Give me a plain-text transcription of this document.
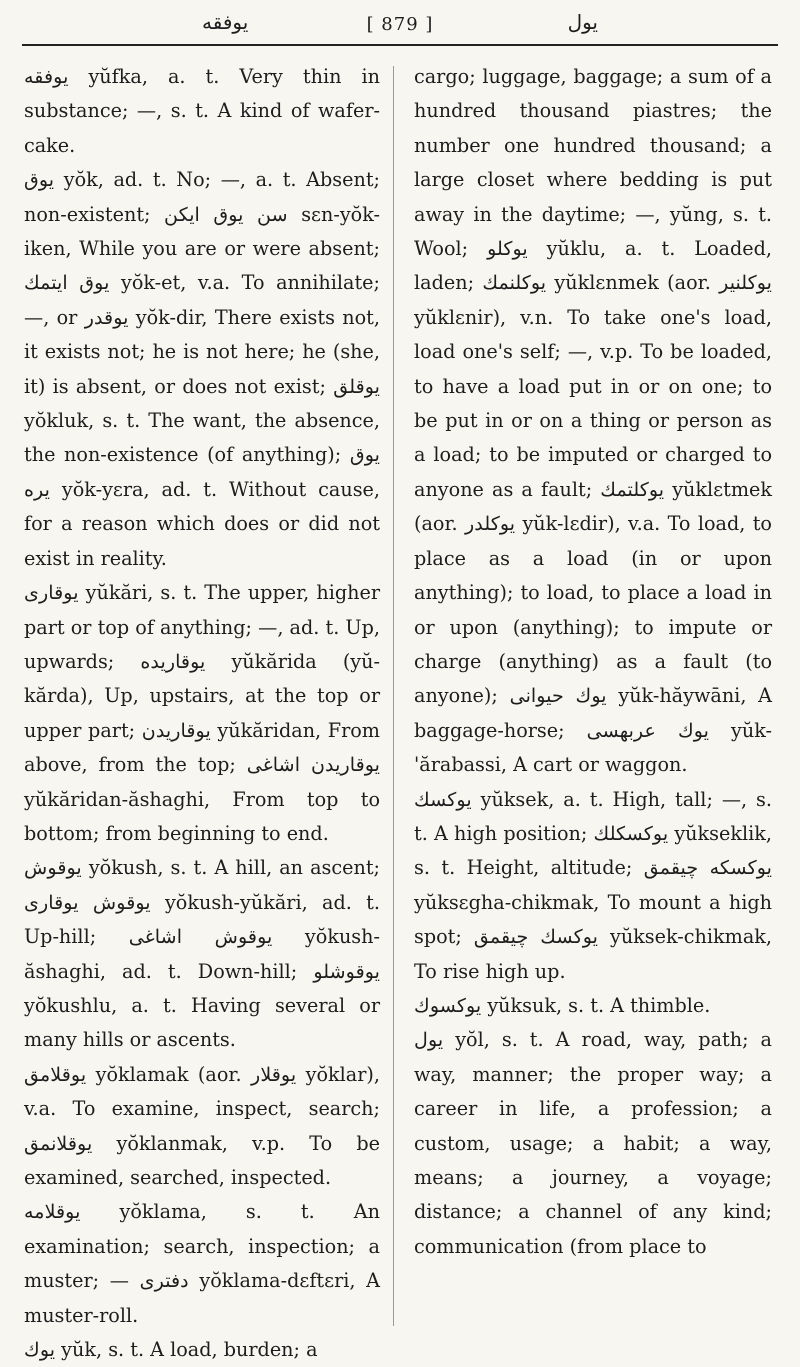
يوفقه	[ 879 ]	يول

يوفقه yŭfka, a. t. Very thin in substance; —, s. t. A kind of wafer-cake.

يوق yŏk, ad. t. No; —, a. t. Absent; non-existent; سن يوق ايكن sɛn-yŏk-iken, While you are or were absent; يوق ايتمك yŏk-et, v.a. To annihilate; —, or يوقدر yŏk-dir, There exists not, it exists not; he is not here; he (she, it) is absent, or does not exist; يوقلق yŏkluk, s. t. The want, the absence, the non-existence (of anything); يوق يره yŏk-yɛra, ad. t. Without cause, for a reason which does or did not exist in reality.

يوقارى yŭkări, s. t. The upper, higher part or top of anything; —, ad. t. Up, upwards; يوقاريده yŭkărida (yŭ-kărda), Up, upstairs, at the top or upper part; يوقاريدن yŭkăridan, From above, from the top; يوقاريدن اشاغى yŭkăridan-ăshaghi, From top to bottom; from beginning to end.

يوقوش yŏkush, s. t. A hill, an ascent; يوقوش يوقارى yŏkush-yŭkări, ad. t. Up-hill; يوقوش اشاغى yŏkush-ăshaghi, ad. t. Down-hill; يوقوشلو yŏkushlu, a. t. Having several or many hills or ascents.

يوقلامق yŏklamak (aor. يوقلار yŏklar), v.a. To examine, inspect, search; يوقلانمق yŏklanmak, v.p. To be examined, searched, inspected.

يوقلامه yŏklama, s. t. An examination; search, inspection; a muster; — دفترى yŏklama-dɛftɛri, A muster-roll.

يوك yŭk, s. t. A load, burden; a

cargo; luggage, baggage; a sum of a hundred thousand piastres; the number one hundred thousand; a large closet where bedding is put away in the daytime; —, yŭng, s. t. Wool; يوكلو yŭklu, a. t. Loaded, laden; يوكلنمك yŭklɛnmek (aor. يوكلنير yŭklɛnir), v.n. To take one's load, load one's self; —, v.p. To be loaded, to have a load put in or on one; to be put in or on a thing or person as a load; to be imputed or charged to anyone as a fault; يوكلتمك yŭklɛtmek (aor. يوكلدر yŭk-lɛdir), v.a. To load, to place as a load (in or upon anything); to load, to place a load in or upon (anything); to impute or charge (anything) as a fault (to anyone); يوك حيوانى yŭk-hăywāni, A baggage-horse; يوك عربهسى yŭk-'ărabassi, A cart or waggon.

يوكسك yŭksek, a. t. High, tall; —, s. t. A high position; يوكسكلك yŭkseklik, s. t. Height, altitude; يوكسكه چيقمق yŭksɛgha-chikmak, To mount a high spot; يوكسك چيقمق yŭksek-chikmak, To rise high up.

يوكسوك yŭksuk, s. t. A thimble.

يول yŏl, s. t. A road, way, path; a way, manner; the proper way; a career in life, a profession; a custom, usage; a habit; a way, means; a journey, a voyage; distance; a channel of any kind; communication (from place to
